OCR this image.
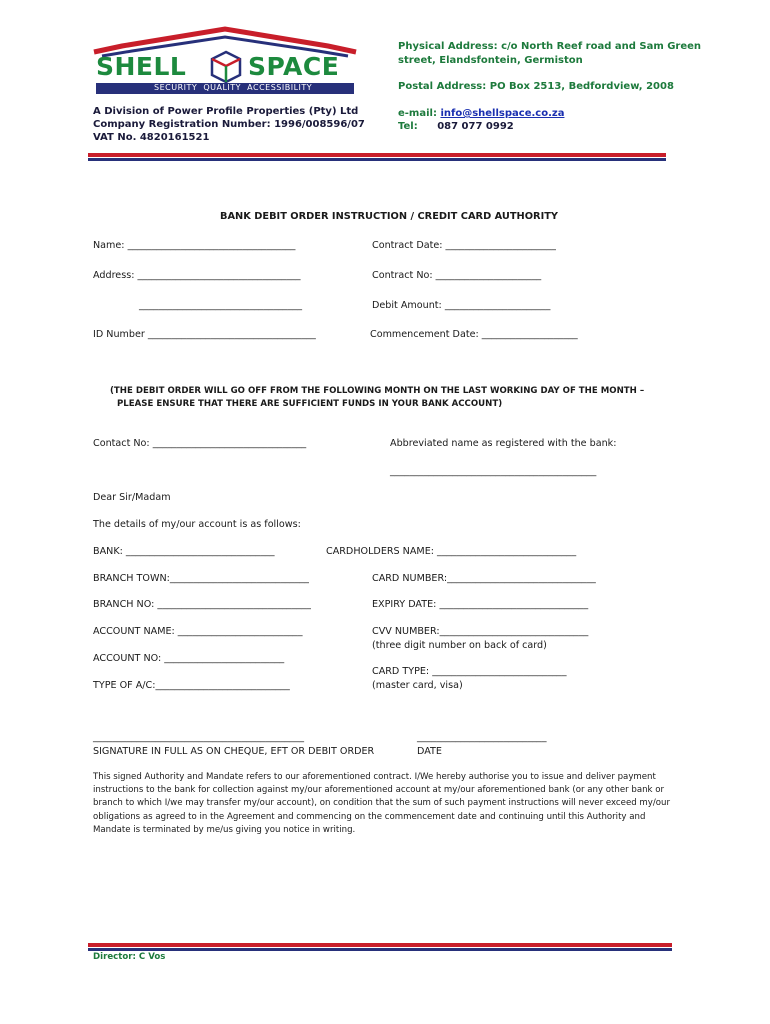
SHELL SPACE
SECURITY  QUALITY  ACCESSIBILITY
A Division of Power Profile Properties (Pty) Ltd
Company Registration Number: 1996/008596/07
VAT No. 4820161521
Physical Address: c/o North Reef road and Sam Green
street, Elandsfontein, Germiston
Postal Address: PO Box 2513, Bedfordview, 2008
e-mail: info@shellspace.co.za
Tel: 087 077 0992
BANK DEBIT ORDER INSTRUCTION / CREDIT CARD AUTHORITY
Name: ___________________________________	Contract Date: _______________________
Address: __________________________________	Contract No: ______________________
__________________________________	Debit Amount: ______________________
ID Number ___________________________________	Commencement Date: ____________________
(THE DEBIT ORDER WILL GO OFF FROM THE FOLLOWING MONTH ON THE LAST WORKING DAY OF THE MONTH –
PLEASE ENSURE THAT THERE ARE SUFFICIENT FUNDS IN YOUR BANK ACCOUNT)
Contact No: ________________________________	Abbreviated name as registered with the bank:
___________________________________________
Dear Sir/Madam
The details of my/our account is as follows:
BANK: _______________________________	CARDHOLDERS NAME: _____________________________
BRANCH TOWN:_____________________________	CARD NUMBER:_______________________________
BRANCH NO: ________________________________	EXPIRY DATE: _______________________________
ACCOUNT NAME: __________________________	CVV NUMBER:_______________________________
(three digit number on back of card)
ACCOUNT NO: _________________________
CARD TYPE: ____________________________
TYPE OF A/C:____________________________	(master card, visa)
____________________________________________
SIGNATURE IN FULL AS ON CHEQUE, EFT OR DEBIT ORDER
___________________________
DATE
This signed Authority and Mandate refers to our aforementioned contract. I/We hereby authorise you to issue and deliver payment instructions to the bank for collection against my/our aforementioned account at my/our aforementioned bank (or any other bank or branch to which I/we may transfer my/our account), on condition that the sum of such payment instructions will never exceed my/our obligations as agreed to in the Agreement and commencing on the commencement date and continuing until this Authority and Mandate is terminated by me/us giving you notice in writing.
Director: C Vos
